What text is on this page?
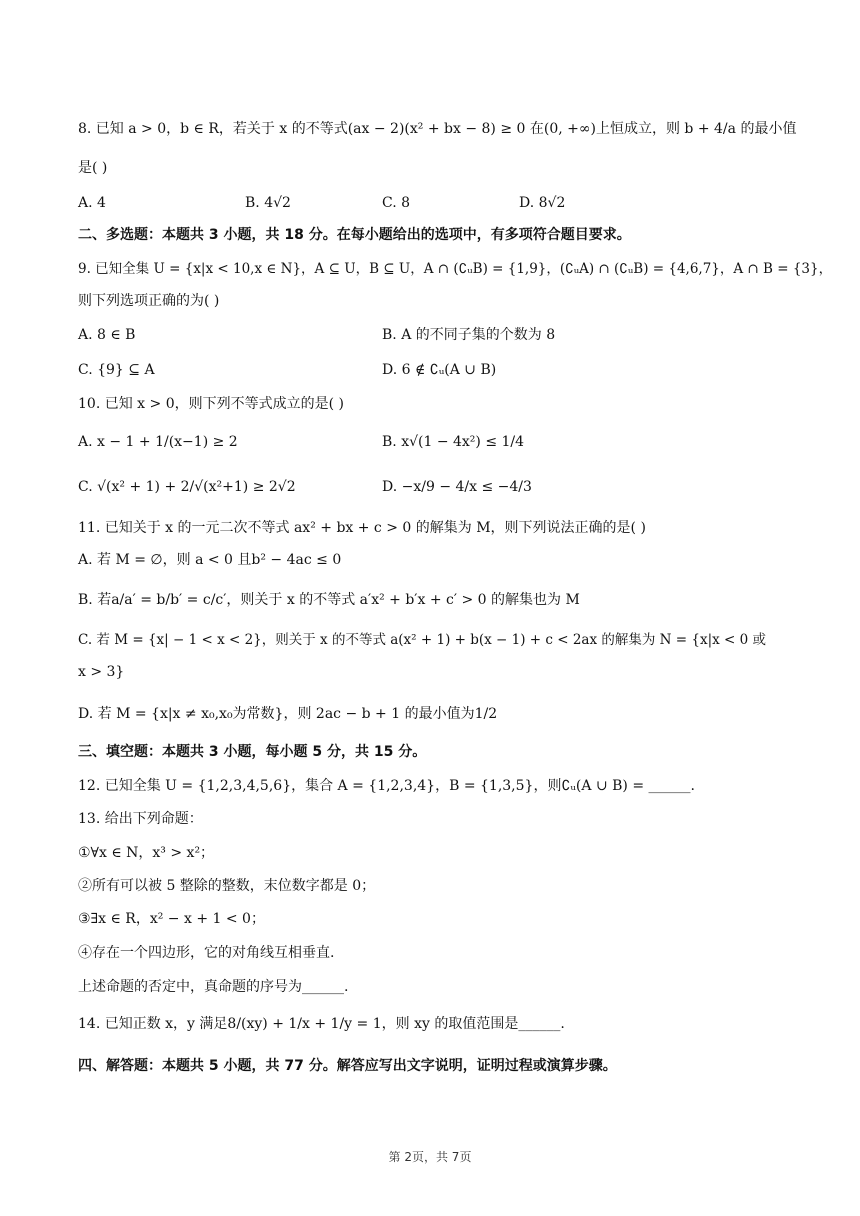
8. 已知 a > 0，b ∈ R，若关于 x 的不等式(ax − 2)(x² + bx − 8) ≥ 0 在(0, +∞)上恒成立，则 b + 4/a 的最小值
是( )
A. 4	B. 4√2	C. 8	D. 8√2
二、多选题：本题共 3 小题，共 18 分。在每小题给出的选项中，有多项符合题目要求。
9. 已知全集 U = {x|x < 10,x ∈ N}，A ⊆ U，B ⊆ U，A ∩ (∁ᵤB) = {1,9}，(∁ᵤA) ∩ (∁ᵤB) = {4,6,7}，A ∩ B = {3}，
则下列选项正确的为( )
A. 8 ∈ B	B. A 的不同子集的个数为 8
C. {9} ⊆ A	D. 6 ∉ ∁ᵤ(A ∪ B)
10. 已知 x > 0，则下列不等式成立的是( )
A. x − 1 + 1/(x−1) ≥ 2	B. x√(1 − 4x²) ≤ 1/4
C. √(x² + 1) + 2/√(x²+1) ≥ 2√2	D. −x/9 − 4/x ≤ −4/3
11. 已知关于 x 的一元二次不等式 ax² + bx + c > 0 的解集为 M，则下列说法正确的是( )
A. 若 M = ∅，则 a < 0 且b² − 4ac ≤ 0
B. 若a/a′ = b/b′ = c/c′，则关于 x 的不等式 a′x² + b′x + c′ > 0 的解集也为 M
C. 若 M = {x| − 1 < x < 2}，则关于 x 的不等式 a(x² + 1) + b(x − 1) + c < 2ax 的解集为 N = {x|x < 0 或
x > 3}
D. 若 M = {x|x ≠ x₀,x₀为常数}，则 2ac − b + 1 的最小值为1/2
三、填空题：本题共 3 小题，每小题 5 分，共 15 分。
12. 已知全集 U = {1,2,3,4,5,6}，集合 A = {1,2,3,4}，B = {1,3,5}，则∁ᵤ(A ∪ B) = ______.
13. 给出下列命题：
①∀x ∈ N，x³ > x²；
②所有可以被 5 整除的整数，末位数字都是 0；
③∃x ∈ R，x² − x + 1 < 0；
④存在一个四边形，它的对角线互相垂直.
上述命题的否定中，真命题的序号为______.
14. 已知正数 x，y 满足8/(xy) + 1/x + 1/y = 1，则 xy 的取值范围是______.
四、解答题：本题共 5 小题，共 77 分。解答应写出文字说明，证明过程或演算步骤。
第 2页，共 7页
